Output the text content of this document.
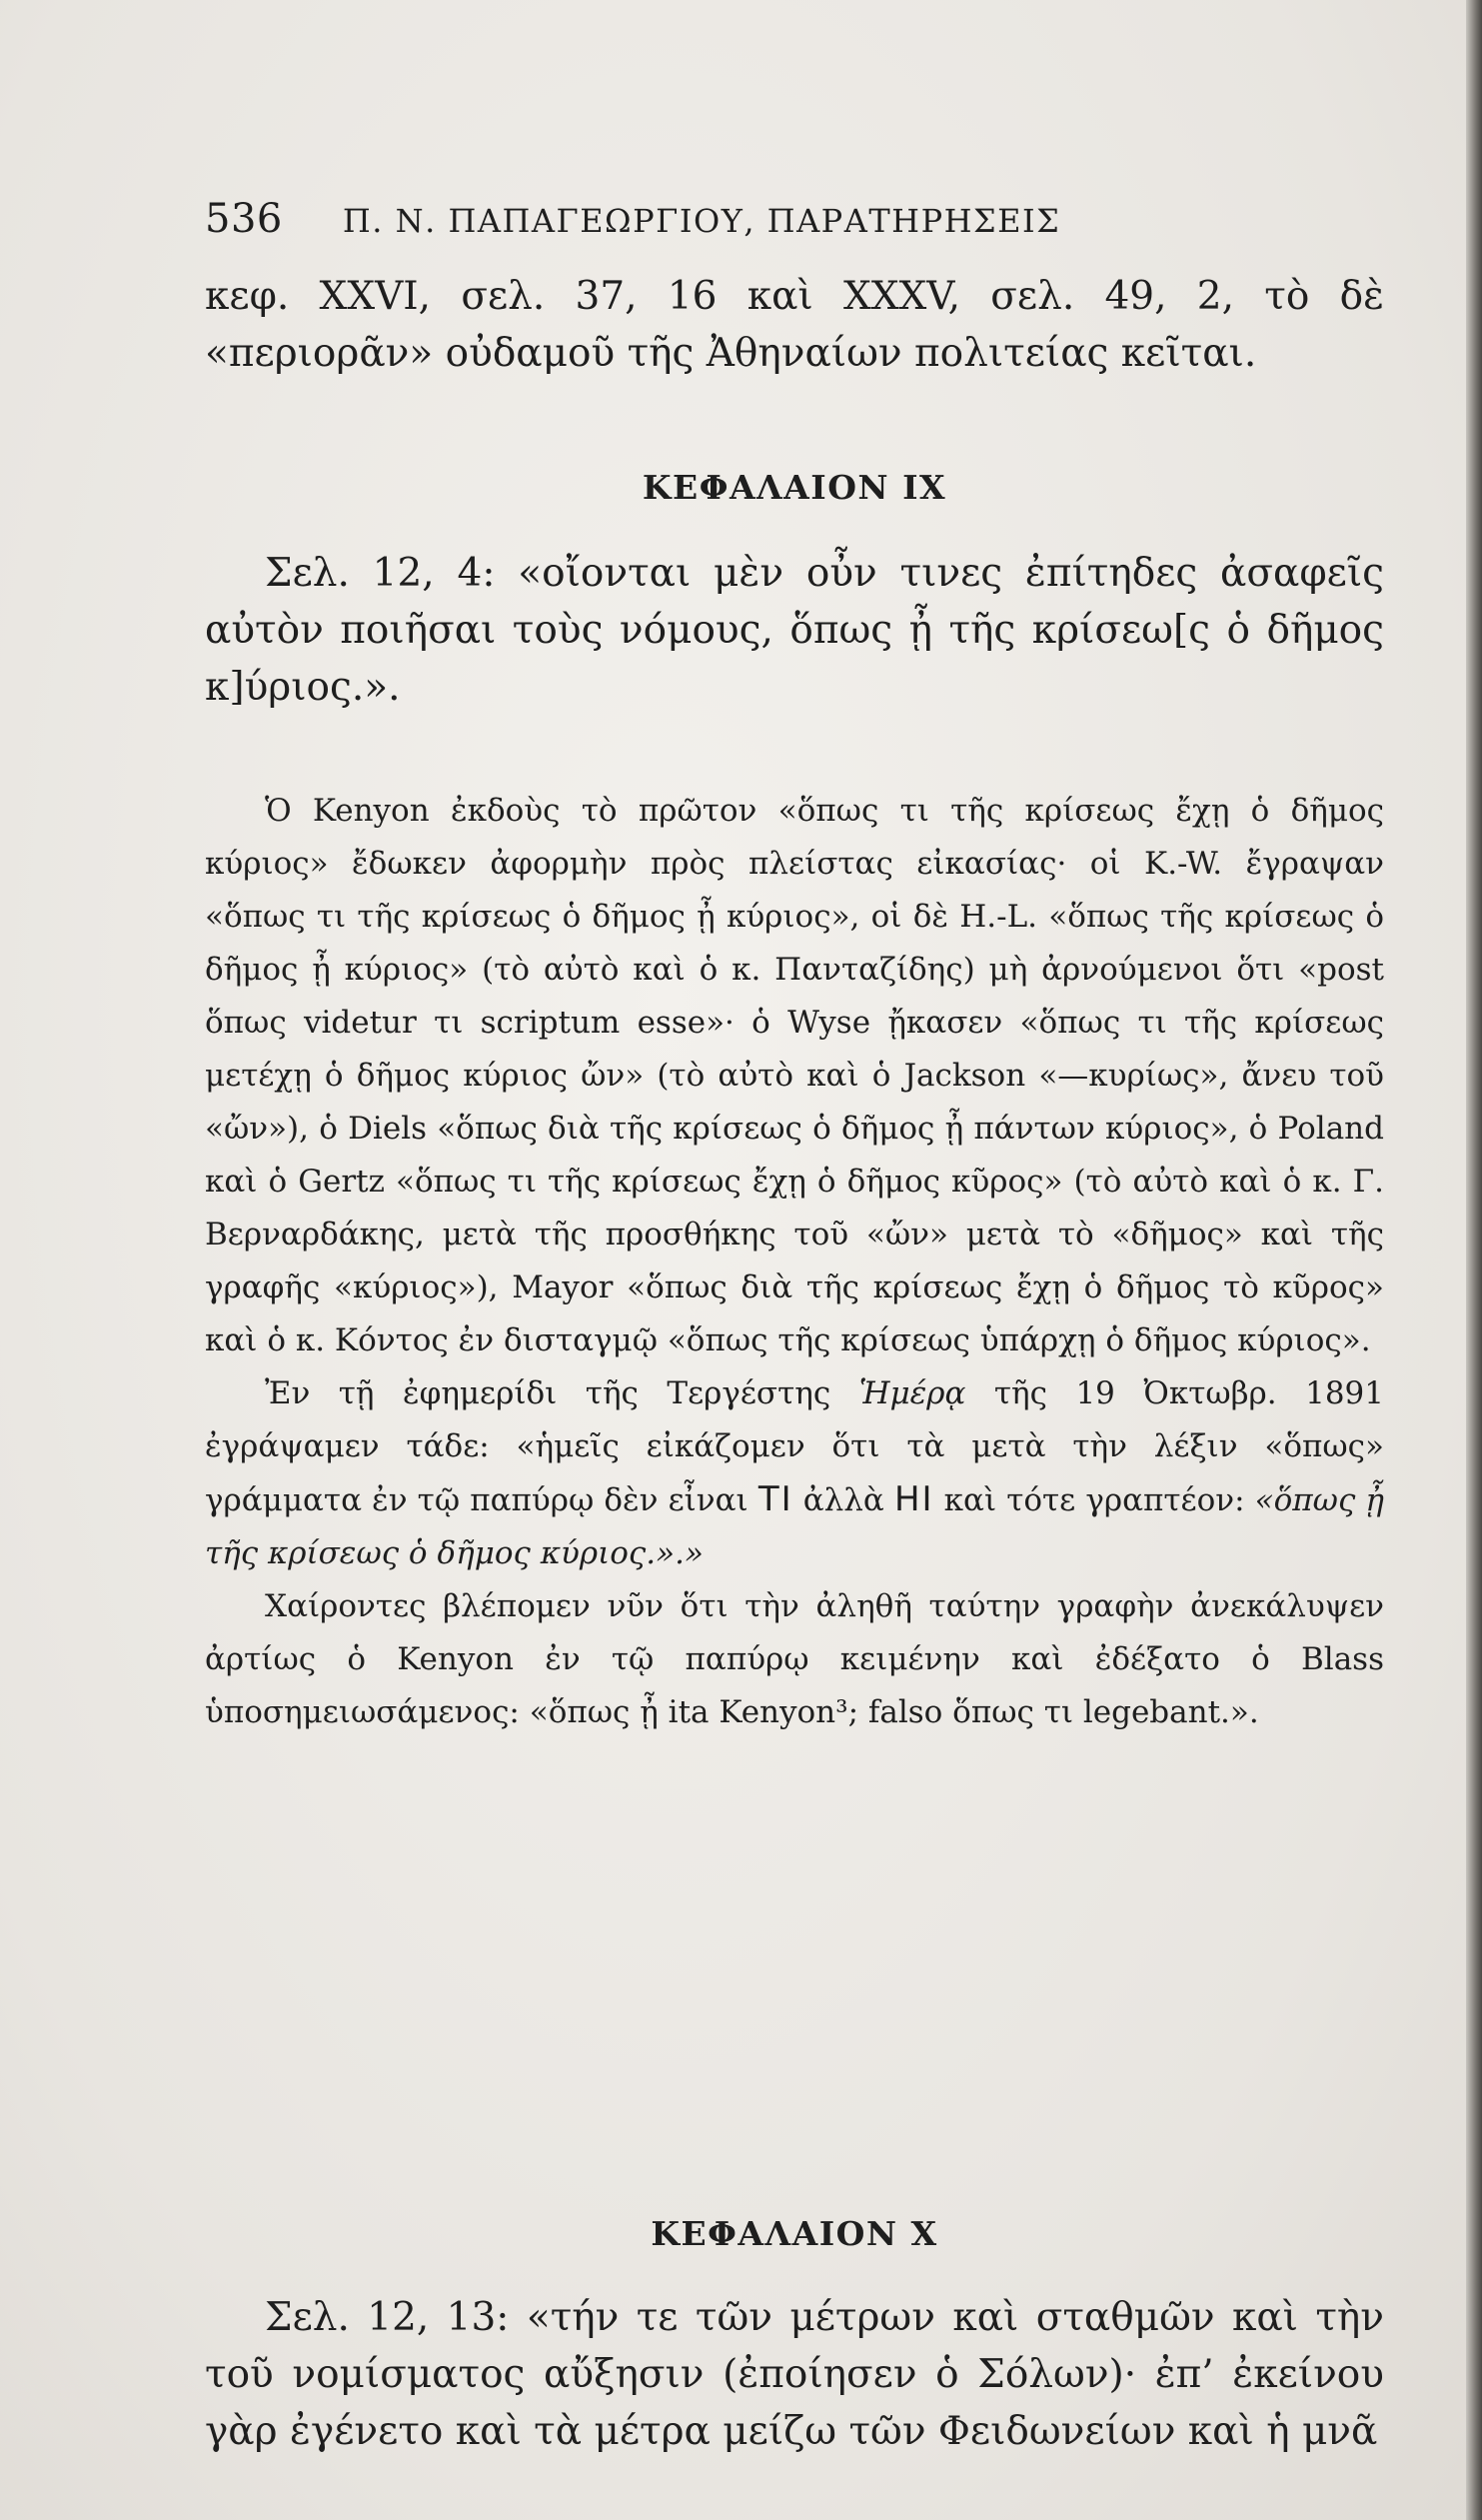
536 Π. Ν. ΠΑΠΑΓΕΩΡΓΙΟΥ, ΠΑΡΑΤΗΡΗΣΕΙΣ

κεφ. XXVI, σελ. 37, 16 καὶ XXXV, σελ. 49, 2, τὸ δὲ «περιορᾶν» οὐδαμοῦ τῆς Ἀθηναίων πολιτείας κεῖται.

ΚΕΦΑΛΑΙΟΝ IX

Σελ. 12, 4: «οἴονται μὲν οὖν τινες ἐπίτηδες ἀσαφεῖς αὐτὸν ποιῆσαι τοὺς νόμους, ὅπως ᾖ τῆς κρίσεω[ς ὁ δῆμος κ]ύριος.».

Ὁ Kenyon ἐκδοὺς τὸ πρῶτον «ὅπως τι τῆς κρίσεως ἔχῃ ὁ δῆμος κύριος» ἔδωκεν ἀφορμὴν πρὸς πλείστας εἰκασίας· οἱ K.-W. ἔγραψαν «ὅπως τι τῆς κρίσεως ὁ δῆμος ᾖ κύριος», οἱ δὲ H.-L. «ὅπως τῆς κρίσεως ὁ δῆμος ᾖ κύριος» (τὸ αὐτὸ καὶ ὁ κ. Πανταζίδης) μὴ ἀρνούμενοι ὅτι «post ὅπως videtur τι scriptum esse»· ὁ Wyse ᾔκασεν «ὅπως τι τῆς κρίσεως μετέχῃ ὁ δῆμος κύριος ὤν» (τὸ αὐτὸ καὶ ὁ Jackson «—κυρίως», ἄνευ τοῦ «ὤν»), ὁ Diels «ὅπως διὰ τῆς κρίσεως ὁ δῆμος ᾖ πάντων κύριος», ὁ Poland καὶ ὁ Gertz «ὅπως τι τῆς κρίσεως ἔχῃ ὁ δῆμος κῦρος» (τὸ αὐτὸ καὶ ὁ κ. Γ. Βερναρδάκης, μετὰ τῆς προσθήκης τοῦ «ὤν» μετὰ τὸ «δῆμος» καὶ τῆς γραφῆς «κύριος»), Mayor «ὅπως διὰ τῆς κρίσεως ἔχῃ ὁ δῆμος τὸ κῦρος» καὶ ὁ κ. Κόντος ἐν δισταγμῷ «ὅπως τῆς κρίσεως ὑπάρχῃ ὁ δῆμος κύριος».

Ἐν τῇ ἐφημερίδι τῆς Τεργέστης Ἡμέρᾳ τῆς 19 Ὀκτωβρ. 1891 ἐγράψαμεν τάδε: «ἡμεῖς εἰκάζομεν ὅτι τὰ μετὰ τὴν λέξιν «ὅπως» γράμματα ἐν τῷ παπύρῳ δὲν εἶναι ΤΙ ἀλλὰ ΗΙ καὶ τότε γραπτέον: «ὅπως ᾖ τῆς κρίσεως ὁ δῆμος κύριος.».»

Χαίροντες βλέπομεν νῦν ὅτι τὴν ἀληθῆ ταύτην γραφὴν ἀνεκάλυψεν ἀρτίως ὁ Kenyon ἐν τῷ παπύρῳ κειμένην καὶ ἐδέξατο ὁ Blass ὑποσημειωσάμενος: «ὅπως ᾖ ita Kenyon³; falso ὅπως τι legebant.».

ΚΕΦΑΛΑΙΟΝ X

Σελ. 12, 13: «τήν τε τῶν μέτρων καὶ σταθμῶν καὶ τὴν τοῦ νομίσματος αὔξησιν (ἐποίησεν ὁ Σόλων)· ἐπ’ ἐκείνου γὰρ ἐγένετο καὶ τὰ μέτρα μείζω τῶν Φειδωνείων καὶ ἡ μνᾶ
